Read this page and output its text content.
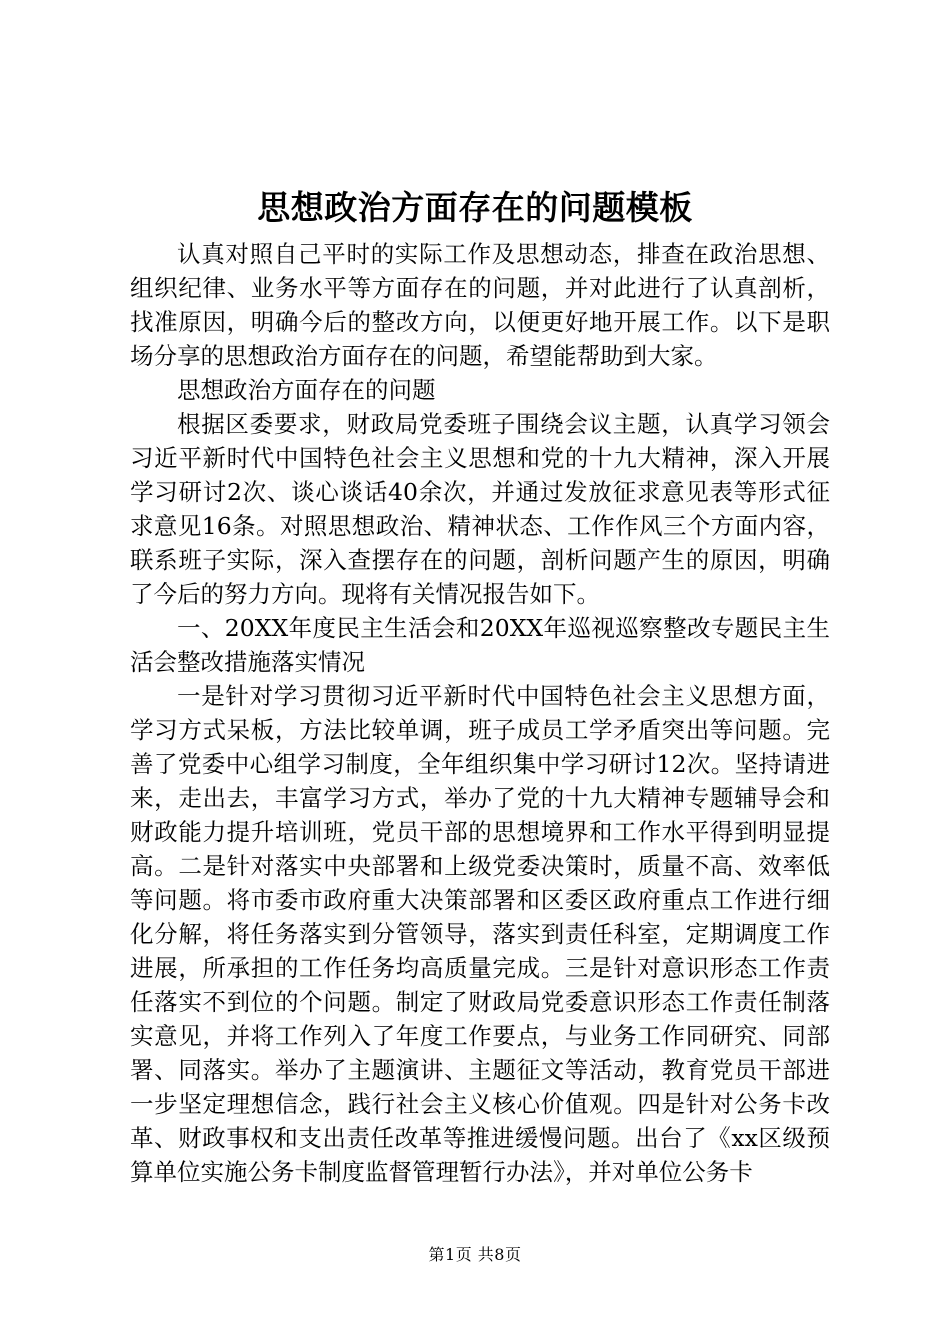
思想政治方面存在的问题模板

认真对照自己平时的实际工作及思想动态，排查在政治思想、组织纪律、业务水平等方面存在的问题，并对此进行了认真剖析，找准原因，明确今后的整改方向，以便更好地开展工作。以下是职场分享的思想政治方面存在的问题，希望能帮助到大家。

思想政治方面存在的问题

根据区委要求，财政局党委班子围绕会议主题，认真学习领会习近平新时代中国特色社会主义思想和党的十九大精神，深入开展学习研讨2次、谈心谈话40余次，并通过发放征求意见表等形式征求意见16条。对照思想政治、精神状态、工作作风三个方面内容，联系班子实际，深入查摆存在的问题，剖析问题产生的原因，明确了今后的努力方向。现将有关情况报告如下。

一、20XX年度民主生活会和20XX年巡视巡察整改专题民主生活会整改措施落实情况

一是针对学习贯彻习近平新时代中国特色社会主义思想方面，学习方式呆板，方法比较单调，班子成员工学矛盾突出等问题。完善了党委中心组学习制度，全年组织集中学习研讨12次。坚持请进来，走出去，丰富学习方式，举办了党的十九大精神专题辅导会和财政能力提升培训班，党员干部的思想境界和工作水平得到明显提高。二是针对落实中央部署和上级党委决策时，质量不高、效率低等问题。将市委市政府重大决策部署和区委区政府重点工作进行细化分解，将任务落实到分管领导，落实到责任科室，定期调度工作进展，所承担的工作任务均高质量完成。三是针对意识形态工作责任落实不到位的个问题。制定了财政局党委意识形态工作责任制落实意见，并将工作列入了年度工作要点，与业务工作同研究、同部署、同落实。举办了主题演讲、主题征文等活动，教育党员干部进一步坚定理想信念，践行社会主义核心价值观。四是针对公务卡改革、财政事权和支出责任改革等推进缓慢问题。出台了《xx区级预算单位实施公务卡制度监督管理暂行办法》，并对单位公务卡

第1页 共8页
